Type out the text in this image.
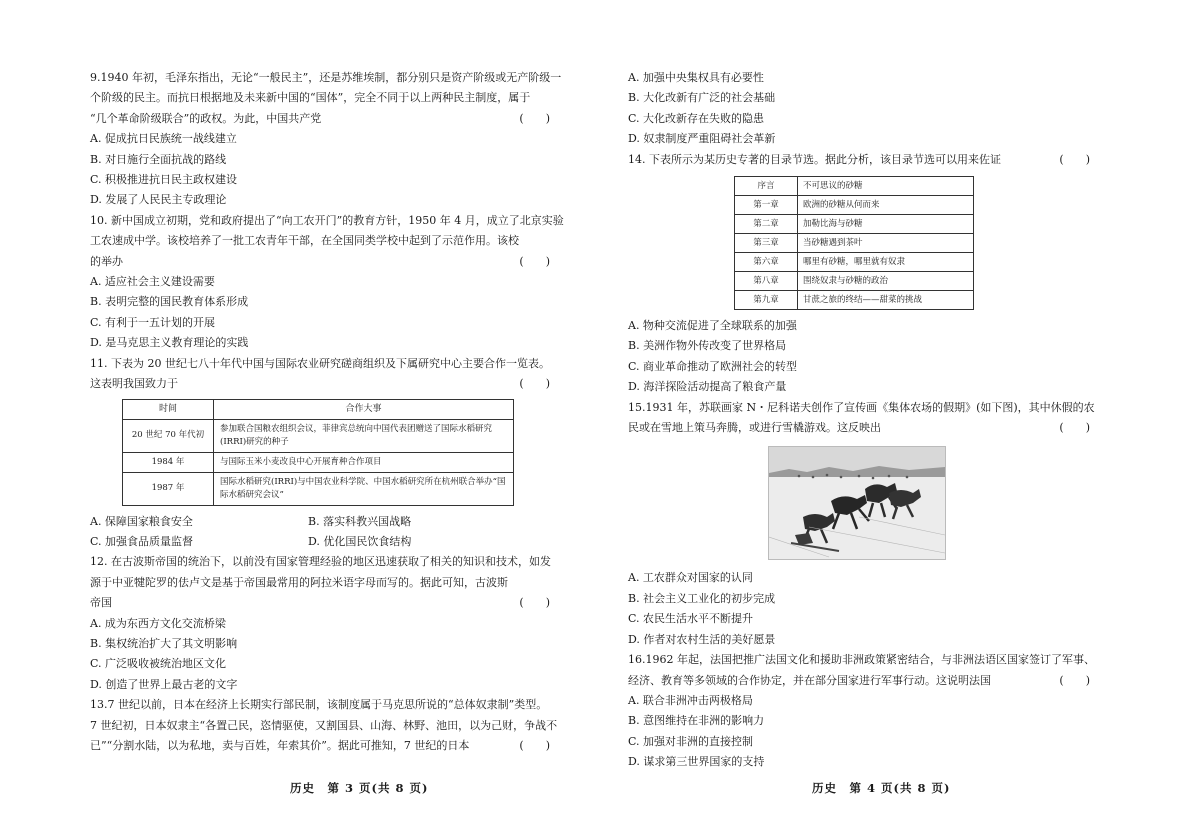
9.1940 年初，毛泽东指出，无论“一般民主”，还是苏维埃制，都分别只是资产阶级或无产阶级一
个阶级的民主。而抗日根据地及未来新中国的“国体”，完全不同于以上两种民主制度，属于
“几个革命阶级联合”的政权。为此，中国共产党	(　　)
A. 促成抗日民族统一战线建立
B. 对日施行全面抗战的路线
C. 积极推进抗日民主政权建设
D. 发展了人民民主专政理论
10. 新中国成立初期，党和政府提出了“向工农开门”的教育方针，1950 年 4 月，成立了北京实验
工农速成中学。该校培养了一批工农青年干部，在全国同类学校中起到了示范作用。该校
的举办	(　　)
A. 适应社会主义建设需要
B. 表明完整的国民教育体系形成
C. 有利于一五计划的开展
D. 是马克思主义教育理论的实践
11. 下表为 20 世纪七八十年代中国与国际农业研究磋商组织及下属研究中心主要合作一览表。
这表明我国致力于	(　　)
时间	合作大事
20 世纪 70 年代初	参加联合国粮农组织会议，菲律宾总统向中国代表团赠送了国际水稻研究(IRRI)研究的种子
1984 年	与国际玉米小麦改良中心开展育种合作项目
1987 年	国际水稻研究(IRRI)与中国农业科学院、中国水稻研究所在杭州联合举办“国际水稻研究会议”
A. 保障国家粮食安全	B. 落实科教兴国战略
C. 加强食品质量监督	D. 优化国民饮食结构
12. 在古波斯帝国的统治下，以前没有国家管理经验的地区迅速获取了相关的知识和技术，如发
源于中亚犍陀罗的佉卢文是基于帝国最常用的阿拉米语字母而写的。据此可知，古波斯
帝国	(　　)
A. 成为东西方文化交流桥梁
B. 集权统治扩大了其文明影响
C. 广泛吸收被统治地区文化
D. 创造了世界上最古老的文字
13.7 世纪以前，日本在经济上长期实行部民制，该制度属于马克思所说的“总体奴隶制”类型。
7 世纪初，日本奴隶主“各置己民，恣情驱使，又割国县、山海、林野、池田，以为己财，争战不
已”“分割水陆，以为私地，卖与百姓，年索其价”。据此可推知，7 世纪的日本	(　　)
历史　第 3 页(共 8 页)
A. 加强中央集权具有必要性
B. 大化改新有广泛的社会基础
C. 大化改新存在失败的隐患
D. 奴隶制度严重阻碍社会革新
14. 下表所示为某历史专著的目录节选。据此分析，该目录节选可以用来佐证	(　　)
序言	不可思议的砂糖
第一章	欧洲的砂糖从何而来
第二章	加勒比海与砂糖
第三章	当砂糖遇到茶叶
第六章	哪里有砂糖，哪里就有奴隶
第八章	围绕奴隶与砂糖的政治
第九章	甘蔗之旅的终结——甜菜的挑战
A. 物种交流促进了全球联系的加强
B. 美洲作物外传改变了世界格局
C. 商业革命推动了欧洲社会的转型
D. 海洋探险活动提高了粮食产量
15.1931 年，苏联画家 N・尼科诺夫创作了宣传画《集体农场的假期》(如下图)，其中休假的农
民或在雪地上策马奔腾，或进行雪橇游戏。这反映出	(　　)
A. 工农群众对国家的认同
B. 社会主义工业化的初步完成
C. 农民生活水平不断提升
D. 作者对农村生活的美好愿景
16.1962 年起，法国把推广法国文化和援助非洲政策紧密结合，与非洲法语区国家签订了军事、
经济、教育等多领域的合作协定，并在部分国家进行军事行动。这说明法国	(　　)
A. 联合非洲冲击两极格局
B. 意图维持在非洲的影响力
C. 加强对非洲的直接控制
D. 谋求第三世界国家的支持
历史　第 4 页(共 8 页)
